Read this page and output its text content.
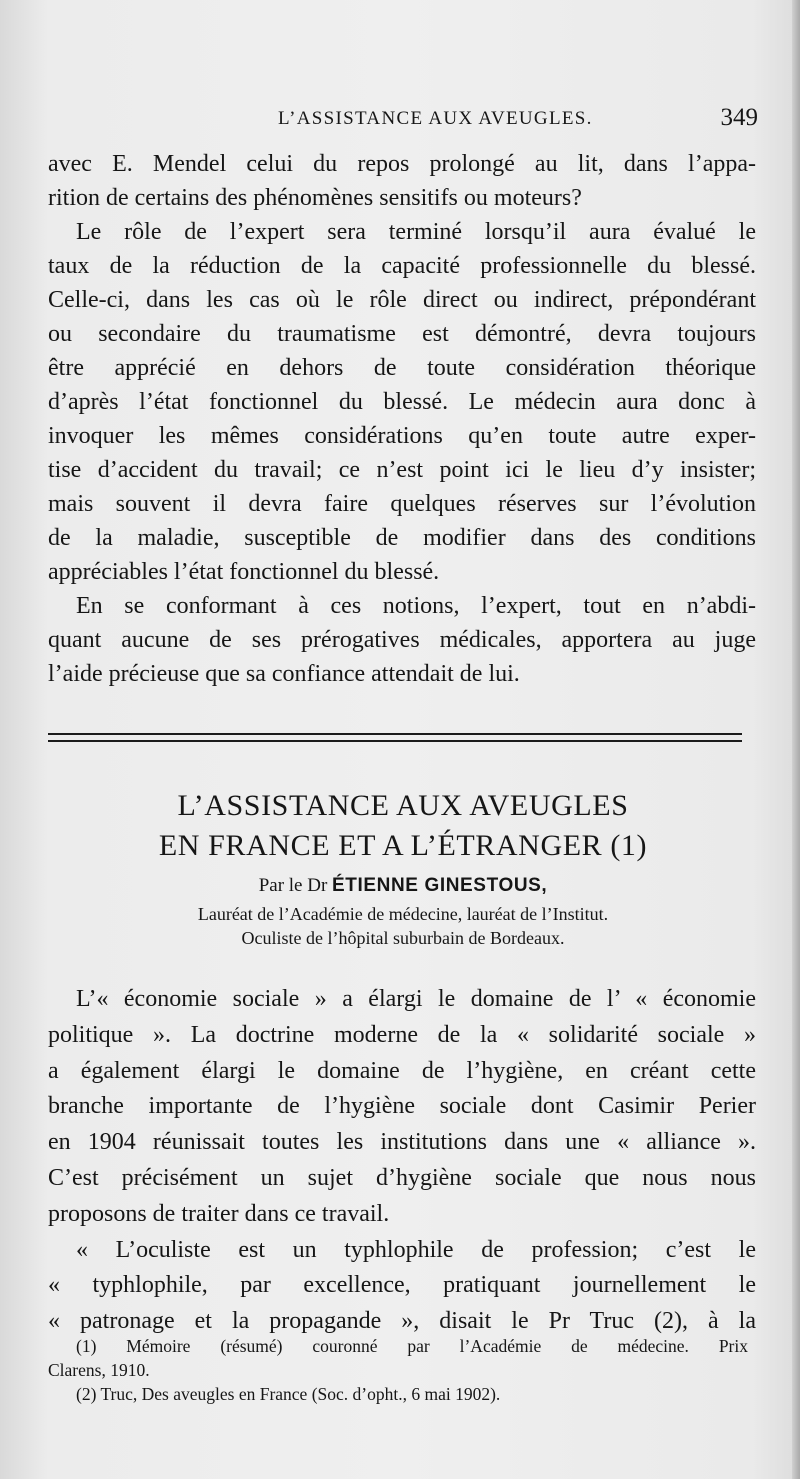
L’ASSISTANCE AUX AVEUGLES.	349
avec E. Mendel celui du repos prolongé au lit, dans l’appa-
rition de certains des phénomènes sensitifs ou moteurs?
Le rôle de l’expert sera terminé lorsqu’il aura évalué le
taux de la réduction de la capacité professionnelle du blessé.
Celle-ci, dans les cas où le rôle direct ou indirect, prépondérant
ou secondaire du traumatisme est démontré, devra toujours
être apprécié en dehors de toute considération théorique
d’après l’état fonctionnel du blessé. Le médecin aura donc à
invoquer les mêmes considérations qu’en toute autre exper-
tise d’accident du travail; ce n’est point ici le lieu d’y insister;
mais souvent il devra faire quelques réserves sur l’évolution
de la maladie, susceptible de modifier dans des conditions
appréciables l’état fonctionnel du blessé.
En se conformant à ces notions, l’expert, tout en n’abdi-
quant aucune de ses prérogatives médicales, apportera au juge
l’aide précieuse que sa confiance attendait de lui.
L’ASSISTANCE AUX AVEUGLES
EN FRANCE ET A L’ÉTRANGER (1)
Par le Dr ÉTIENNE GINESTOUS,
Lauréat de l’Académie de médecine, lauréat de l’Institut.
Oculiste de l’hôpital suburbain de Bordeaux.
L’« économie sociale » a élargi le domaine de l’ « économie
politique ». La doctrine moderne de la « solidarité sociale »
a également élargi le domaine de l’hygiène, en créant cette
branche importante de l’hygiène sociale dont Casimir Perier
en 1904 réunissait toutes les institutions dans une « alliance ».
C’est précisément un sujet d’hygiène sociale que nous nous
proposons de traiter dans ce travail.
« L’oculiste est un typhlophile de profession; c’est le
« typhlophile, par excellence, pratiquant journellement le
« patronage et la propagande », disait le Pr Truc (2), à la
(1) Mémoire (résumé) couronné par l’Académie de médecine. Prix
Clarens, 1910.
(2) Truc, Des aveugles en France (Soc. d’opht., 6 mai 1902).
